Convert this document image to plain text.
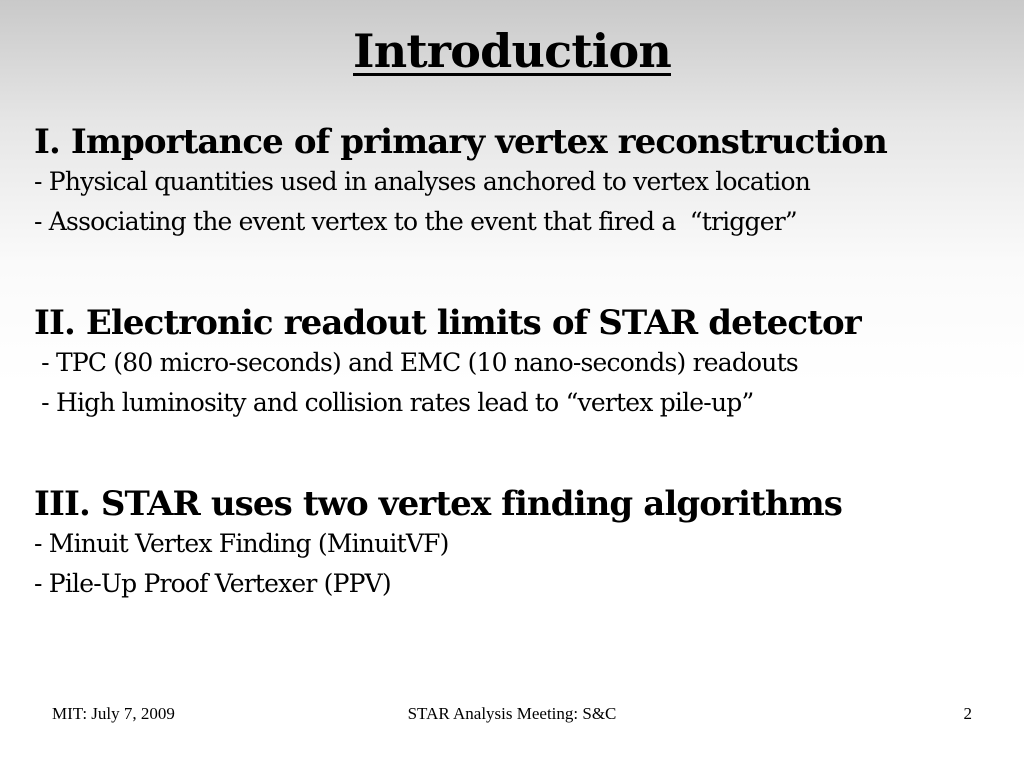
Introduction

I. Importance of primary vertex reconstruction

- Physical quantities used in analyses anchored to vertex location

- Associating the event vertex to the event that fired a  “trigger”

II. Electronic readout limits of STAR detector

- TPC (80 micro-seconds) and EMC (10 nano-seconds) readouts

- High luminosity and collision rates lead to “vertex pile-up”

III. STAR uses two vertex finding algorithms

- Minuit Vertex Finding (MinuitVF)

- Pile-Up Proof Vertexer (PPV)

MIT: July 7, 2009	STAR Analysis Meeting: S&C	2
